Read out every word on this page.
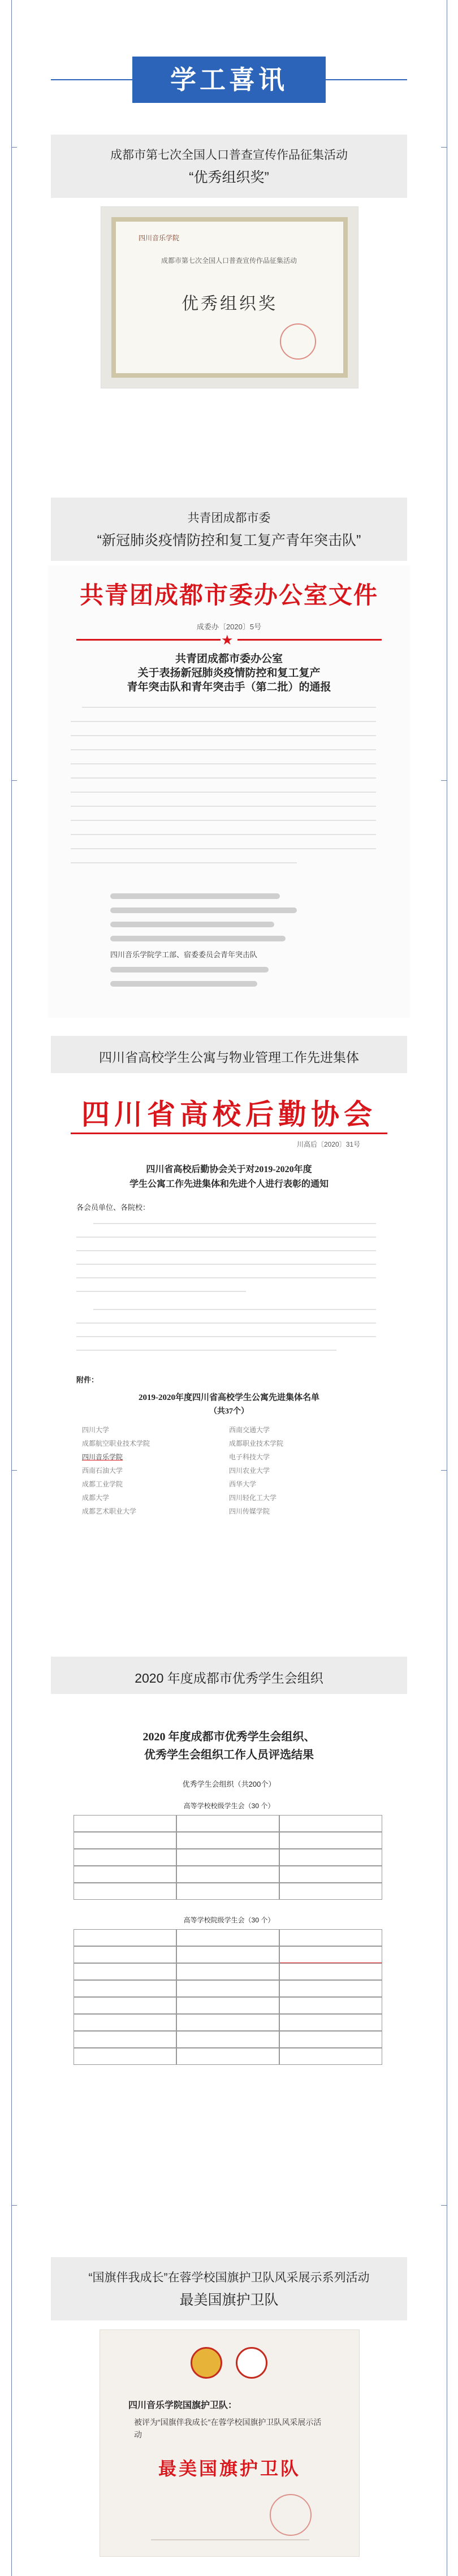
学工喜讯
成都市第七次全国人口普查宣传作品征集活动
“优秀组织奖”
四川音乐学院
成都市第七次全国人口普查宣传作品征集活动
优秀组织奖
共青团成都市委
“新冠肺炎疫情防控和复工复产青年突击队”
共青团成都市委办公室文件
成委办〔2020〕5号
★
共青团成都市委办公室
关于表扬新冠肺炎疫情防控和复工复产
青年突击队和青年突击手（第二批）的通报
四川音乐学院学工部、宿委委员会青年突击队
四川省高校学生公寓与物业管理工作先进集体
四川省高校后勤协会
川高后〔2020〕31号
四川省高校后勤协会关于对2019-2020年度
学生公寓工作先进集体和先进个人进行表彰的通知
各会员单位、各院校：
附件：
2019-2020年度四川省高校学生公寓先进集体名单
（共37个）
四川大学	西南交通大学
成都航空职业技术学院	成都职业技术学院
四川音乐学院	电子科技大学
西南石油大学	四川农业大学
成都工业学院	西华大学
成都大学	四川轻化工大学
成都艺术职业大学	四川传媒学院
2020 年度成都市优秀学生会组织
2020 年度成都市优秀学生会组织、
优秀学生会组织工作人员评选结果
优秀学生会组织（共200个）
高等学校校级学生会（30 个）
高等学校院级学生会（30 个）
“国旗伴我成长”在蓉学校国旗护卫队风采展示系列活动
最美国旗护卫队
四川音乐学院国旗护卫队：
被评为“国旗伴我成长”在蓉学校国旗护卫队风采展示活动
最美国旗护卫队
